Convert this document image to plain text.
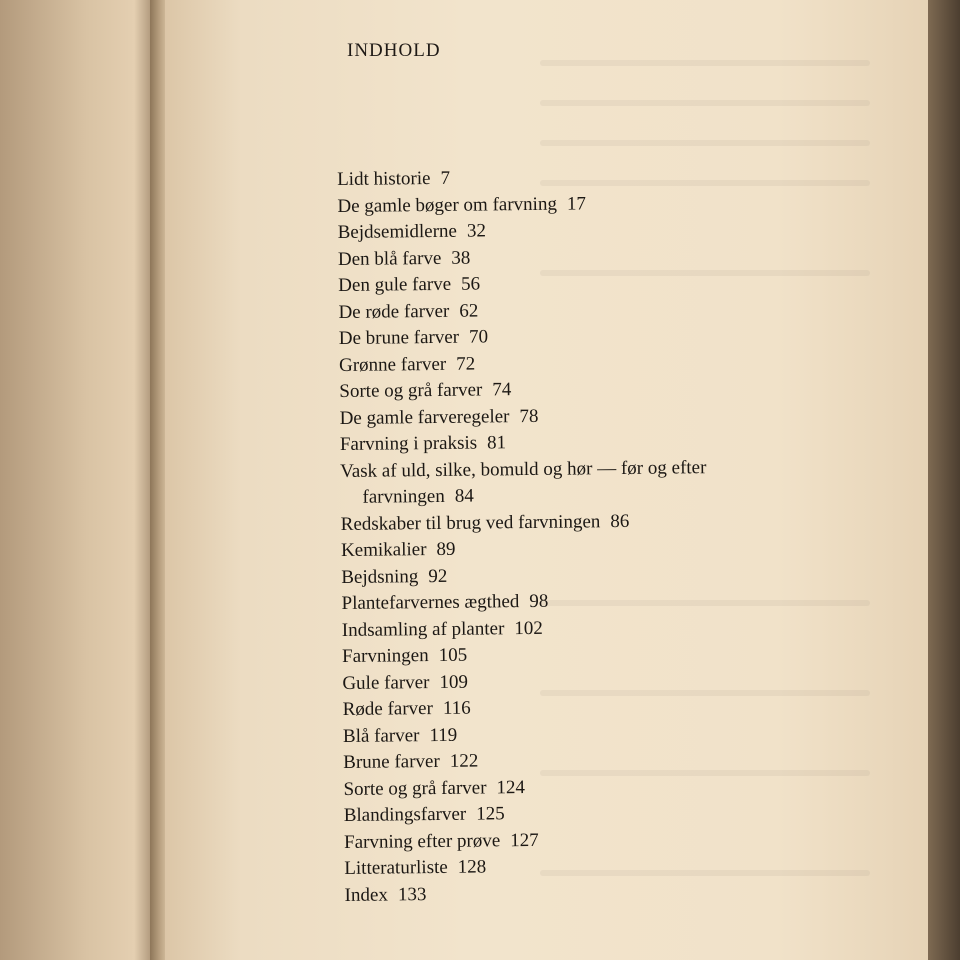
INDHOLD
Lidt historie 7
De gamle bøger om farvning 17
Bejdsemidlerne 32
Den blå farve 38
Den gule farve 56
De røde farver 62
De brune farver 70
Grønne farver 72
Sorte og grå farver 74
De gamle farveregeler 78
Farvning i praksis 81
Vask af uld, silke, bomuld og hør — før og efter
farvningen 84
Redskaber til brug ved farvningen 86
Kemikalier 89
Bejdsning 92
Plantefarvernes ægthed 98
Indsamling af planter 102
Farvningen 105
Gule farver 109
Røde farver 116
Blå farver 119
Brune farver 122
Sorte og grå farver 124
Blandingsfarver 125
Farvning efter prøve 127
Litteraturliste 128
Index 133
